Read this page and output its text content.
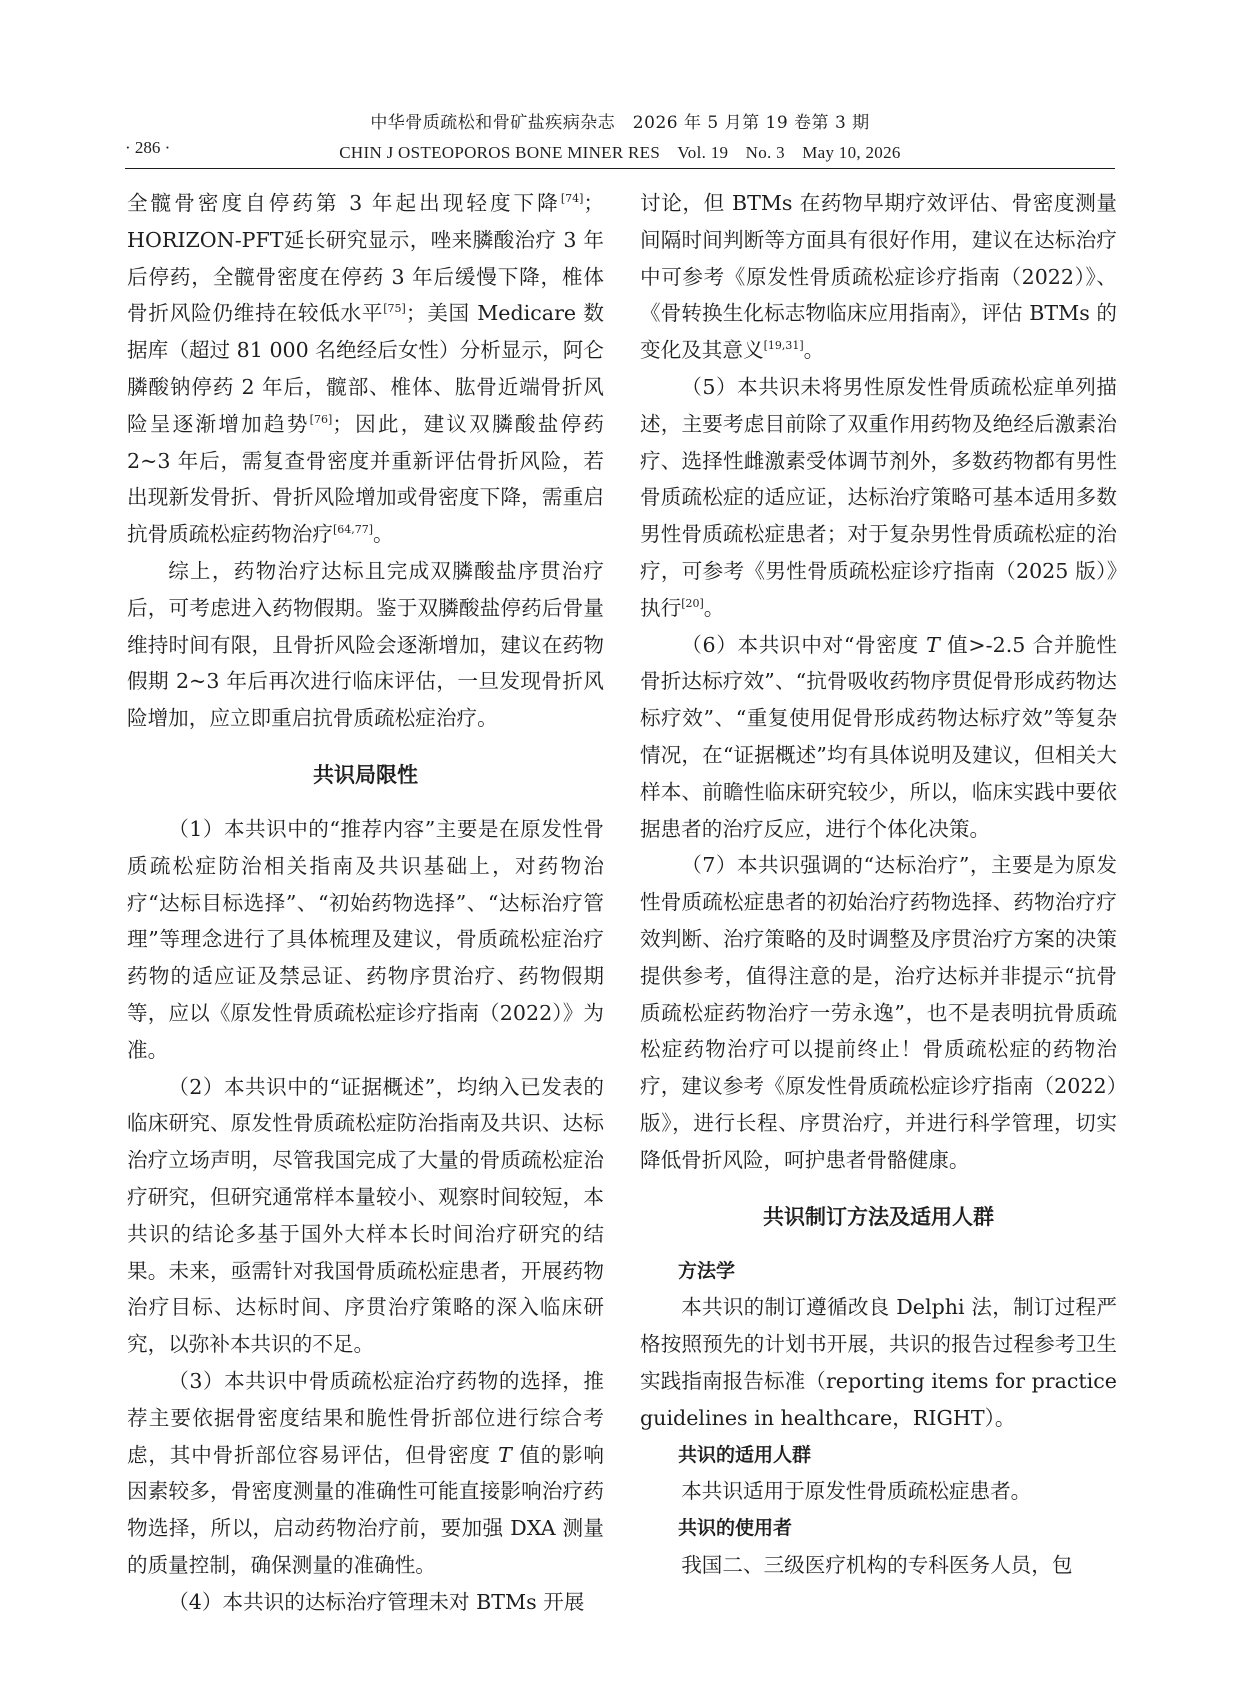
中华骨质疏松和骨矿盐疾病杂志　2026 年 5 月第 19 卷第 3 期
· 286 ·	CHIN J OSTEOPOROS BONE MINER RES　Vol. 19　No. 3　May 10, 2026

全髋骨密度自停药第 3 年起出现轻度下降[74]；HORIZON-PFT延长研究显示，唑来膦酸治疗 3 年后停药，全髋骨密度在停药 3 年后缓慢下降，椎体骨折风险仍维持在较低水平[75]；美国 Medicare 数据库（超过 81 000 名绝经后女性）分析显示，阿仑膦酸钠停药 2 年后，髋部、椎体、肱骨近端骨折风险呈逐渐增加趋势[76]；因此，建议双膦酸盐停药 2~3 年后，需复查骨密度并重新评估骨折风险，若出现新发骨折、骨折风险增加或骨密度下降，需重启抗骨质疏松症药物治疗[64,77]。

综上，药物治疗达标且完成双膦酸盐序贯治疗后，可考虑进入药物假期。鉴于双膦酸盐停药后骨量维持时间有限，且骨折风险会逐渐增加，建议在药物假期 2~3 年后再次进行临床评估，一旦发现骨折风险增加，应立即重启抗骨质疏松症治疗。

共识局限性

（1）本共识中的“推荐内容”主要是在原发性骨质疏松症防治相关指南及共识基础上，对药物治疗“达标目标选择”、“初始药物选择”、“达标治疗管理”等理念进行了具体梳理及建议，骨质疏松症治疗药物的适应证及禁忌证、药物序贯治疗、药物假期等，应以《原发性骨质疏松症诊疗指南（2022）》为准。

（2）本共识中的“证据概述”，均纳入已发表的临床研究、原发性骨质疏松症防治指南及共识、达标治疗立场声明，尽管我国完成了大量的骨质疏松症治疗研究，但研究通常样本量较小、观察时间较短，本共识的结论多基于国外大样本长时间治疗研究的结果。未来，亟需针对我国骨质疏松症患者，开展药物治疗目标、达标时间、序贯治疗策略的深入临床研究，以弥补本共识的不足。

（3）本共识中骨质疏松症治疗药物的选择，推荐主要依据骨密度结果和脆性骨折部位进行综合考虑，其中骨折部位容易评估，但骨密度 T 值的影响因素较多，骨密度测量的准确性可能直接影响治疗药物选择，所以，启动药物治疗前，要加强 DXA 测量的质量控制，确保测量的准确性。

（4）本共识的达标治疗管理未对 BTMs 开展

讨论，但 BTMs 在药物早期疗效评估、骨密度测量间隔时间判断等方面具有很好作用，建议在达标治疗中可参考《原发性骨质疏松症诊疗指南（2022）》、《骨转换生化标志物临床应用指南》，评估 BTMs 的变化及其意义[19,31]。

（5）本共识未将男性原发性骨质疏松症单列描述，主要考虑目前除了双重作用药物及绝经后激素治疗、选择性雌激素受体调节剂外，多数药物都有男性骨质疏松症的适应证，达标治疗策略可基本适用多数男性骨质疏松症患者；对于复杂男性骨质疏松症的治疗，可参考《男性骨质疏松症诊疗指南（2025 版）》执行[20]。

（6）本共识中对“骨密度 T 值>-2.5 合并脆性骨折达标疗效”、“抗骨吸收药物序贯促骨形成药物达标疗效”、“重复使用促骨形成药物达标疗效”等复杂情况，在“证据概述”均有具体说明及建议，但相关大样本、前瞻性临床研究较少，所以，临床实践中要依据患者的治疗反应，进行个体化决策。

（7）本共识强调的“达标治疗”，主要是为原发性骨质疏松症患者的初始治疗药物选择、药物治疗疗效判断、治疗策略的及时调整及序贯治疗方案的决策提供参考，值得注意的是，治疗达标并非提示“抗骨质疏松症药物治疗一劳永逸”，也不是表明抗骨质疏松症药物治疗可以提前终止！骨质疏松症的药物治疗，建议参考《原发性骨质疏松症诊疗指南（2022）版》，进行长程、序贯治疗，并进行科学管理，切实降低骨折风险，呵护患者骨骼健康。

共识制订方法及适用人群
方法学

本共识的制订遵循改良 Delphi 法，制订过程严格按照预先的计划书开展，共识的报告过程参考卫生实践指南报告标准（reporting items for practice guidelines in healthcare，RIGHT）。

共识的适用人群

本共识适用于原发性骨质疏松症患者。

共识的使用者

我国二、三级医疗机构的专科医务人员，包
